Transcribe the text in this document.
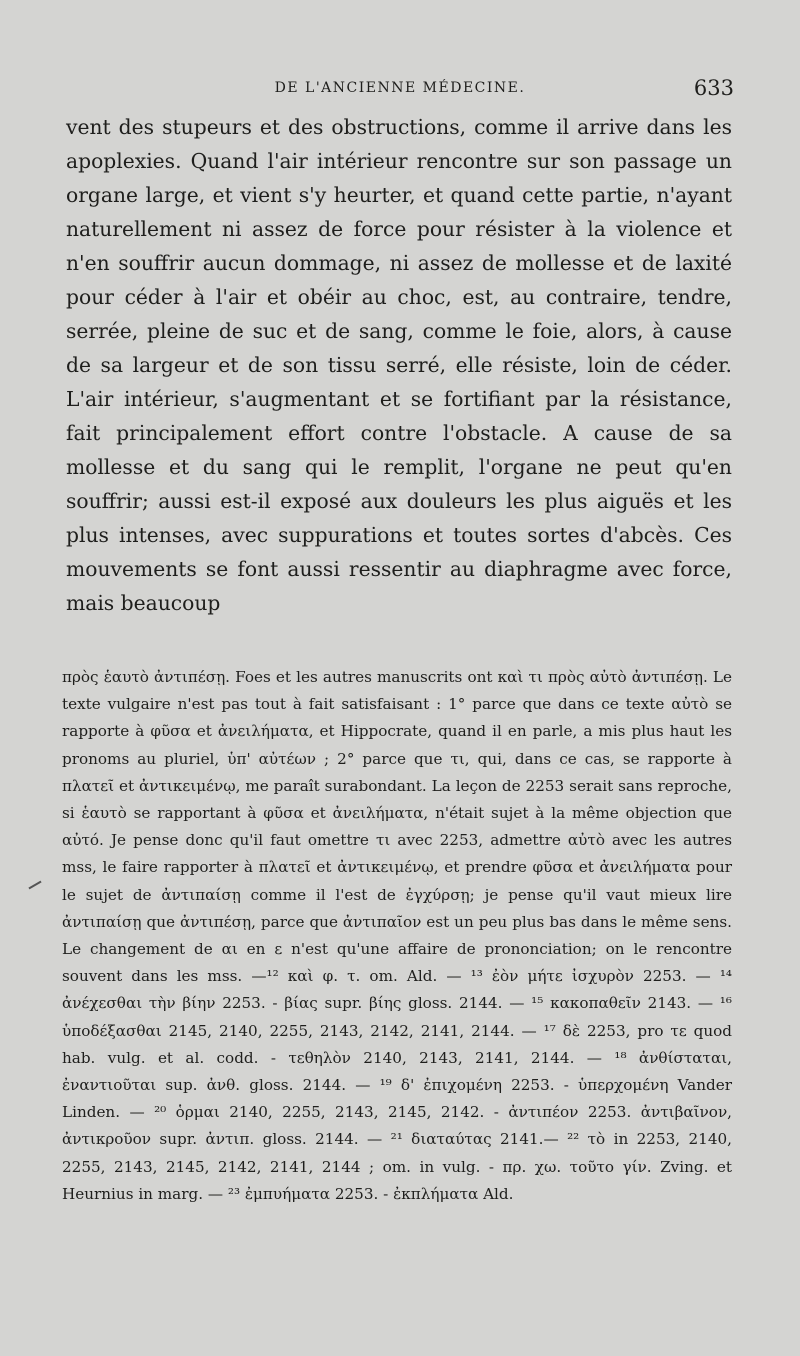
DE L'ANCIENNE MÉDECINE.	633

vent des stupeurs et des obstructions, comme il arrive dans les apoplexies. Quand l'air intérieur rencontre sur son passage un organe large, et vient s'y heurter, et quand cette partie, n'ayant naturellement ni assez de force pour résister à la violence et n'en souffrir aucun dommage, ni assez de mollesse et de laxité pour céder à l'air et obéir au choc, est, au contraire, tendre, serrée, pleine de suc et de sang, comme le foie, alors, à cause de sa largeur et de son tissu serré, elle résiste, loin de céder. L'air intérieur, s'augmentant et se fortifiant par la résistance, fait principalement effort contre l'obstacle. A cause de sa mollesse et du sang qui le remplit, l'organe ne peut qu'en souffrir; aussi est-il exposé aux douleurs les plus aiguës et les plus intenses, avec suppurations et toutes sortes d'abcès. Ces mouvements se font aussi ressentir au diaphragme avec force, mais beaucoup

πρὸς ἑαυτὸ ἀντιπέσῃ. Foes et les autres manuscrits ont καὶ τι πρὸς αὐτὸ ἀντιπέσῃ. Le texte vulgaire n'est pas tout à fait satisfaisant : 1° parce que dans ce texte αὐτὸ se rapporte à φῦσα et ἀνειλήματα, et Hippocrate, quand il en parle, a mis plus haut les pronoms au pluriel, ὑπ' αὐτέων ; 2° parce que τι, qui, dans ce cas, se rapporte à πλατεῖ et ἀντικειμένῳ, me paraît surabondant. La leçon de 2253 serait sans reproche, si ἑαυτὸ se rapportant à φῦσα et ἀνειλήματα, n'était sujet à la même objection que αὐτό. Je pense donc qu'il faut omettre τι avec 2253, admettre αὐτὸ avec les autres mss, le faire rapporter à πλατεῖ et ἀντικειμένῳ, et prendre φῦσα et ἀνειλήματα pour le sujet de ἀντιπαίσῃ comme il l'est de ἐγχύρσῃ; je pense qu'il vaut mieux lire ἀντιπαίσῃ que ἀντιπέσῃ, parce que ἀντιπαῖον est un peu plus bas dans le même sens. Le changement de αι en ε n'est qu'une affaire de prononciation; on le rencontre souvent dans les mss. —¹² καὶ φ. τ. om. Ald. — ¹³ ἐὸν μήτε ἰσχυρὸν 2253. — ¹⁴ ἀνέχεσθαι τὴν βίην 2253. - βίας supr. βίης gloss. 2144. — ¹⁵ κακοπαθεῖν 2143. — ¹⁶ ὑποδέξασθαι 2145, 2140, 2255, 2143, 2142, 2141, 2144. — ¹⁷ δὲ 2253, pro τε quod hab. vulg. et al. codd. - τεθηλὸν 2140, 2143, 2141, 2144. — ¹⁸ ἀνθίσταται, ἐναντιοῦται sup. ἀνθ. gloss. 2144. — ¹⁹ δ' ἐπιχομένη 2253. - ὑπερχομένη Vander Linden. — ²⁰ ὁρμαι 2140, 2255, 2143, 2145, 2142. - ἀντιπέον 2253. ἀντιβαῖνον, ἀντικροῦον supr. ἀντιπ. gloss. 2144. — ²¹ διαταύτας 2141.— ²² τὸ in 2253, 2140, 2255, 2143, 2145, 2142, 2141, 2144 ; om. in vulg. - πρ. χω. τοῦτο γίν. Zving. et Heurnius in marg. — ²³ ἐμπυήματα 2253. - ἐκπλήματα Ald.
